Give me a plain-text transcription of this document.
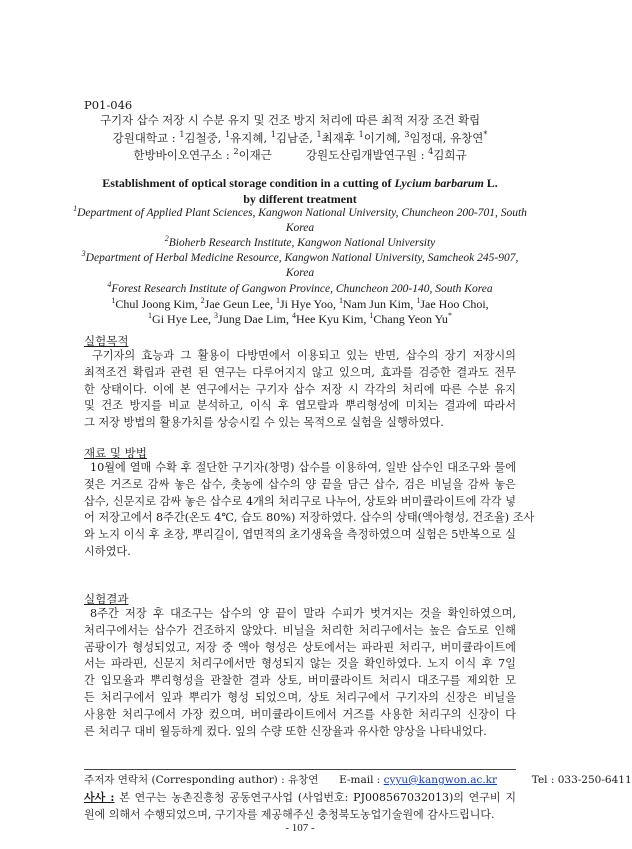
P01-046
구기자 삽수 저장 시 수분 유지 및 건조 방지 처리에 따른 최적 저장 조건 확립
강원대학교 : $^1$김철중, $^1$유지혜, $^1$김남준, $^1$최재후 $^1$이기혜, $^3$임정대, 유창연*
한방바이오연구소 : $^2$이재근	강원도산림개발연구원 : $^4$김희규
Establishment of optical storage condition in a cutting of Lycium barbarum L.
by different treatment
$^1$Department of Applied Plant Sciences, Kangwon National University, Chuncheon 200-701, South
Korea
$^2$Bioherb Research Institute, Kangwon National University
$^3$Department of Herbal Medicine Resource, Kangwon National University, Samcheok 245-907,
Korea
$^4$Forest Research Institute of Gangwon Province, Chuncheon 200-140, South Korea
$^1$Chul Joong Kim, $^2$Jae Geun Lee, $^1$Ji Hye Yoo, $^1$Nam Jun Kim, $^1$Jae Hoo Choi,
$^1$Gi Hye Lee, $^3$Jung Dae Lim, $^4$Hee Kyu Kim, $^1$Chang Yeon Yu*
실험목적
구기자의 효능과 그 활용이 다방면에서 이용되고 있는 반면, 삽수의 장기 저장시의
최적조건 확립과 관련 된 연구는 다루어지지 않고 있으며, 효과를 검증한 결과도 전무
한 상태이다. 이에 본 연구에서는 구기자 삽수 저장 시 각각의 처리에 따른 수분 유지
및 건조 방지를 비교 분석하고, 이식 후 엽모랄과 뿌리형성에 미치는 결과에 따라서
그 저장 방법의 활용가치를 상승시킬 수 있는 목적으로 실험을 실행하였다.
재료 및 방법
10월에 열매 수확 후 절단한 구기자(창명) 삽수를 이용하여, 일반 삽수인 대조구와 물에
젖은 거즈로 감싸 놓은 삽수, 촛농에 삽수의 양 끝을 담근 삽수, 검은 비닐을 감싸 놓은
삽수, 신문지로 감싸 놓은 삽수로 4개의 처리구로 나누어, 상토와 버미큘라이트에 각각 넣
어 저장고에서 8주간(온도 4℃, 습도 80%) 저장하였다. 삽수의 상태(액아형성, 건조율) 조사
와 노지 이식 후 초장, 뿌리길이, 엽면적의 초기생육을 측정하였으며 실험은 5반복으로 실
시하였다.
실험결과
8주간 저장 후 대조구는 삽수의 양 끝이 말라 수피가 벗겨지는 것을 확인하였으며,
처리구에서는 삽수가 건조하지 않았다. 비닐을 처리한 처리구에서는 높은 습도로 인해
곰팡이가 형성되었고, 저장 중 액아 형성은 상토에서는 파라핀 처리구, 버미큘라이트에
서는 파라핀, 신문지 처리구에서만 형성되지 않는 것을 확인하였다. 노지 이식 후 7일
간 입모율과 뿌리형성을 관찰한 결과 상토, 버미큘라이트 처리시 대조구를 제외한 모
든 처리구에서 잎과 뿌리가 형성 되었으며, 상토 처리구에서 구기자의 신장은 비닐을
사용한 처리구에서 가장 컸으며, 버미큘라이트에서 거즈를 사용한 처리구의 신장이 다
른 처리구 대비 월등하게 컸다. 잎의 수량 또한 신장율과 유사한 양상을 나타내었다.
주저자 연락처 (Corresponding author) : 유창연 E-mail : cyyu@kangwon.ac.kr	Tel : 033-250-6411
사사 : 본 연구는 농촌진흥청 공동연구사업 (사업번호: PJ008567032013)의 연구비 지
원에 의해서 수행되었으며, 구기자를 제공해주신 충청북도농업기술원에 감사드립니다.
- 107 -
